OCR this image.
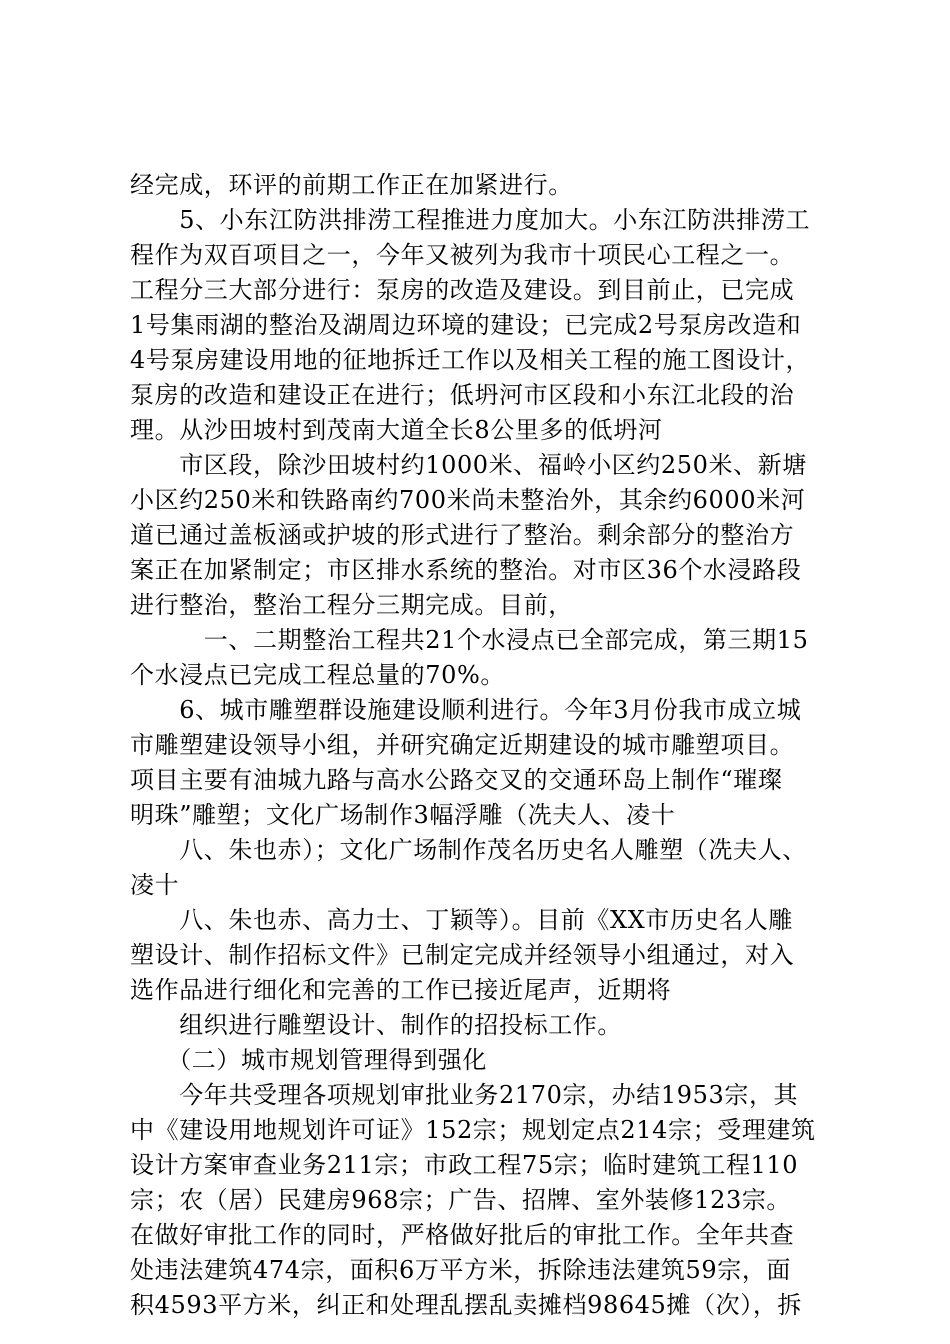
经完成，环评的前期工作正在加紧进行。
　　5、小东江防洪排涝工程推进力度加大。小东江防洪排涝工
程作为双百项目之一，今年又被列为我市十项民心工程之一。
工程分三大部分进行：泵房的改造及建设。到目前止，已完成
1号集雨湖的整治及湖周边环境的建设；已完成2号泵房改造和
4号泵房建设用地的征地拆迁工作以及相关工程的施工图设计，
泵房的改造和建设正在进行；低坍河市区段和小东江北段的治
理。从沙田坡村到茂南大道全长8公里多的低坍河
　　市区段，除沙田坡村约1000米、福岭小区约250米、新塘
小区约250米和铁路南约700米尚未整治外，其余约6000米河
道已通过盖板涵或护坡的形式进行了整治。剩余部分的整治方
案正在加紧制定；市区排水系统的整治。对市区36个水浸路段
进行整治，整治工程分三期完成。目前，
　　　一、二期整治工程共21个水浸点已全部完成，第三期15
个水浸点已完成工程总量的70%。
　　6、城市雕塑群设施建设顺利进行。今年3月份我市成立城
市雕塑建设领导小组，并研究确定近期建设的城市雕塑项目。
项目主要有油城九路与高水公路交叉的交通环岛上制作“璀璨
明珠”雕塑；文化广场制作3幅浮雕（冼夫人、凌十
　　八、朱也赤）；文化广场制作茂名历史名人雕塑（冼夫人、
凌十
　　八、朱也赤、高力士、丁颖等）。目前《XX市历史名人雕
塑设计、制作招标文件》已制定完成并经领导小组通过，对入
选作品进行细化和完善的工作已接近尾声，近期将
　　组织进行雕塑设计、制作的招投标工作。
　　（二）城市规划管理得到强化
　　今年共受理各项规划审批业务2170宗，办结1953宗，其
中《建设用地规划许可证》152宗；规划定点214宗；受理建筑
设计方案审查业务211宗；市政工程75宗；临时建筑工程110
宗；农（居）民建房968宗；广告、招牌、室外装修123宗。
在做好审批工作的同时，严格做好批后的审批工作。全年共查
处违法建筑474宗，面积6万平方米，拆除违法建筑59宗，面
积4593平方米，纠正和处理乱摆乱卖摊档98645摊（次），拆
